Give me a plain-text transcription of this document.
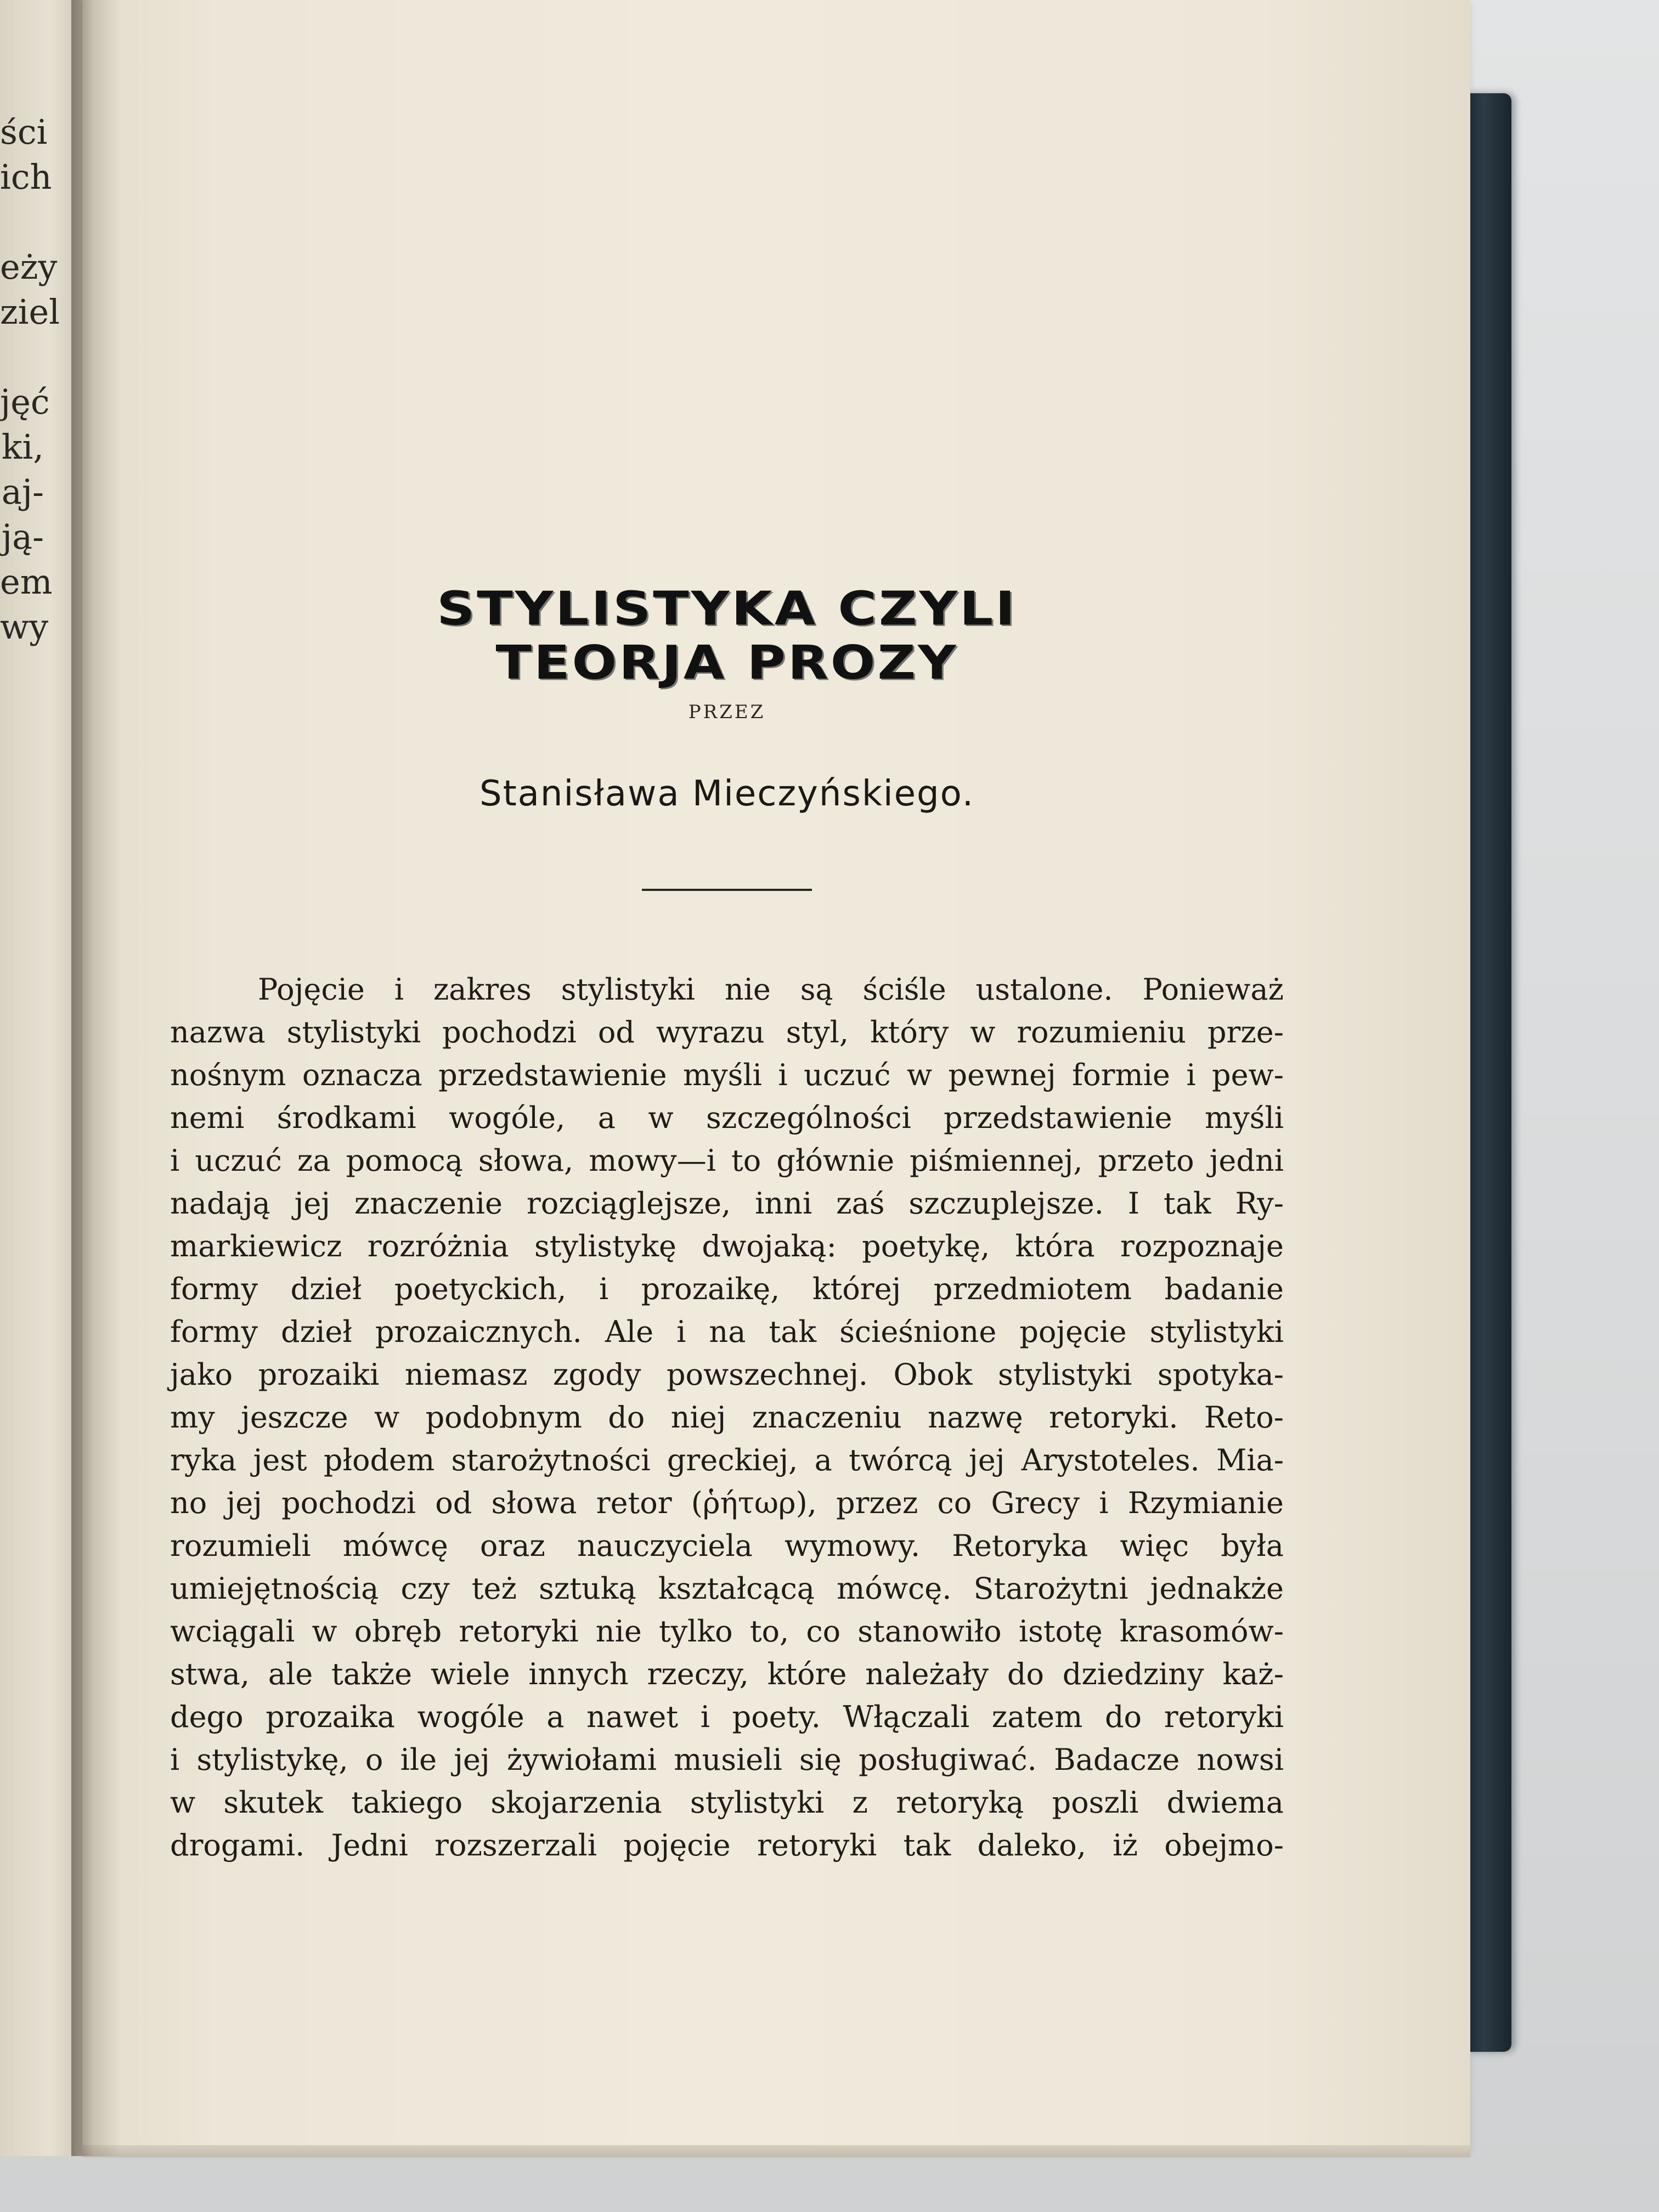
ści
ich
eży
ziel
jęć
ki,
aj-
ją-
em
wy	STYLISTYKA CZYLI TEORJA PROZY
PRZEZ
Stanisława Mieczyńskiego.
Pojęcie i zakres stylistyki nie są ściśle ustalone. Ponieważ
nazwa stylistyki pochodzi od wyrazu styl, który w rozumieniu prze-
nośnym oznacza przedstawienie myśli i uczuć w pewnej formie i pew-
nemi środkami wogóle, a w szczególności przedstawienie myśli
i uczuć za pomocą słowa, mowy—i to głównie piśmiennej, przeto jedni
nadają jej znaczenie rozciąglejsze, inni zaś szczuplejsze. I tak Ry-
markiewicz rozróżnia stylistykę dwojaką: poetykę, która rozpoznaje
formy dzieł poetyckich, i prozaikę, której przedmiotem badanie
formy dzieł prozaicznych. Ale i na tak ścieśnione pojęcie stylistyki
jako prozaiki niemasz zgody powszechnej. Obok stylistyki spotyka-
my jeszcze w podobnym do niej znaczeniu nazwę retoryki. Reto-
ryka jest płodem starożytności greckiej, a twórcą jej Arystoteles. Mia-
no jej pochodzi od słowa retor (ῥήτωρ), przez co Grecy i Rzymianie
rozumieli mówcę oraz nauczyciela wymowy. Retoryka więc była
umiejętnością czy też sztuką kształcącą mówcę. Starożytni jednakże
wciągali w obręb retoryki nie tylko to, co stanowiło istotę krasomów-
stwa, ale także wiele innych rzeczy, które należały do dziedziny każ-
dego prozaika wogóle a nawet i poety. Włączali zatem do retoryki
i stylistykę, o ile jej żywiołami musieli się posługiwać. Badacze nowsi
w skutek takiego skojarzenia stylistyki z retoryką poszli dwiema
drogami. Jedni rozszerzali pojęcie retoryki tak daleko, iż obejmo-
